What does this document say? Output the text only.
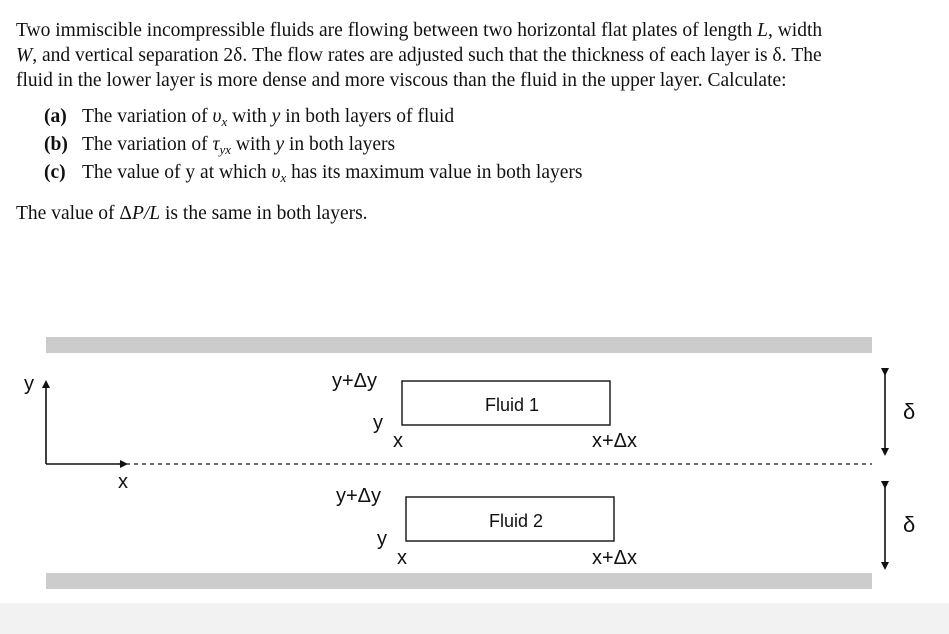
Two immiscible incompressible fluids are flowing between two horizontal flat plates of length L, width W, and vertical separation 2δ. The flow rates are adjusted such that the thickness of each layer is δ. The fluid in the lower layer is more dense and more viscous than the fluid in the upper layer. Calculate:

(a) The variation of $\upsilon_x$ with y in both layers of fluid
(b) The variation of $\tau_{yx}$ with y in both layers
(c) The value of y at which $\upsilon_x$ has its maximum value in both layers
The value of ΔP/L is the same in both layers.
y
x
Fluid 1
y+Δy
y
x	x+Δx
Fluid 2
y+Δy
y
x	x+Δx
δ
δ
